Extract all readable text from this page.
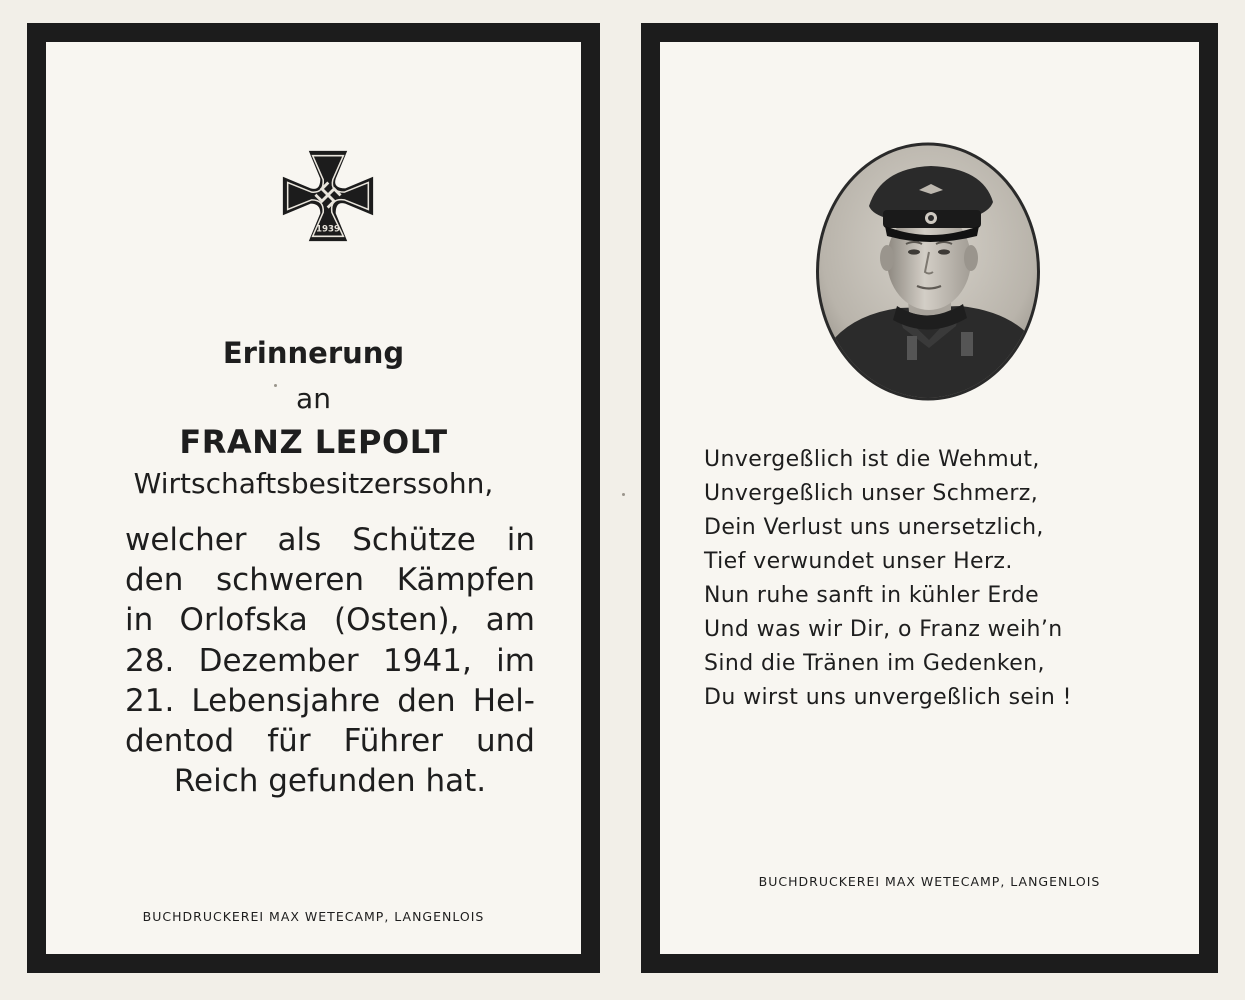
1939
Erinnerung
an
FRANZ LEPOLT
Wirtschaftsbesitzerssohn,
welcher als Schütze in
den schweren Kämpfen
in Orlofska (Osten), am
28. Dezember 1941, im
21. Lebensjahre den Hel-
dentod für Führer und
Reich gefunden hat.
BUCHDRUCKEREI MAX WETECAMP, LANGENLOIS
Unvergeßlich ist die Wehmut,
Unvergeßlich unser Schmerz,
Dein Verlust uns unersetzlich,
Tief verwundet unser Herz.
Nun ruhe sanft in kühler Erde
Und was wir Dir, o Franz weih’n
Sind die Tränen im Gedenken,
Du wirst uns unvergeßlich sein !
BUCHDRUCKEREI MAX WETECAMP, LANGENLOIS
